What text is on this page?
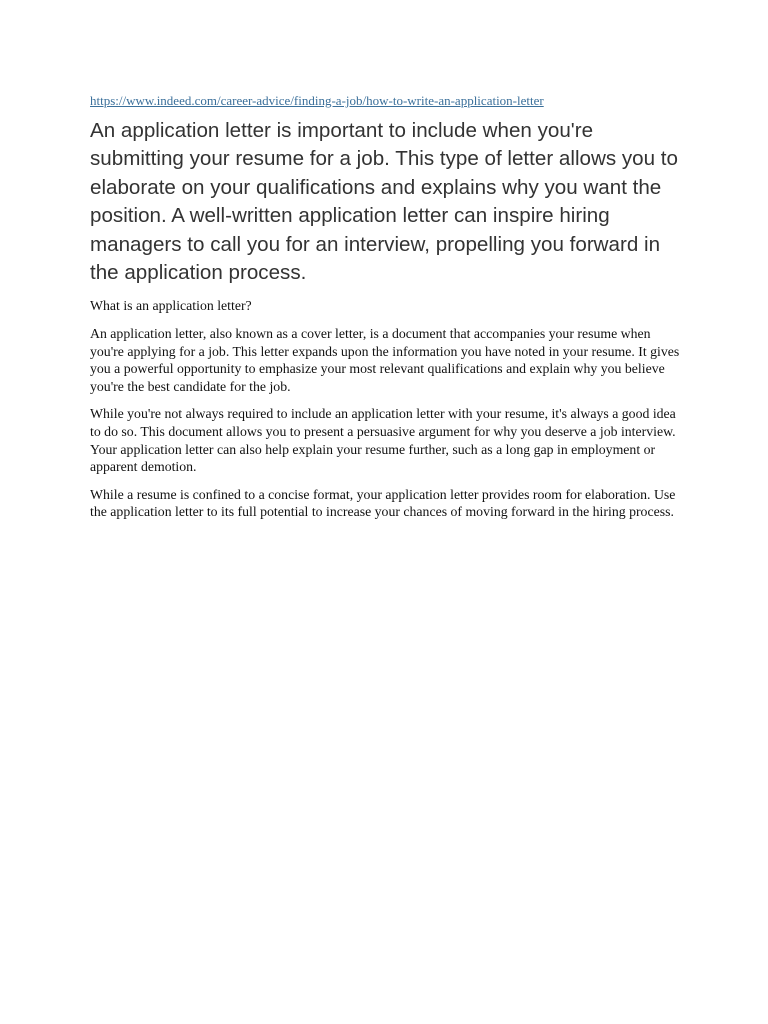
https://www.indeed.com/career-advice/finding-a-job/how-to-write-an-application-letter

An application letter is important to include when you're submitting your resume for a job. This type of letter allows you to elaborate on your qualifications and explains why you want the position. A well-written application letter can inspire hiring managers to call you for an interview, propelling you forward in the application process.

What is an application letter?

An application letter, also known as a cover letter, is a document that accompanies your resume when you're applying for a job. This letter expands upon the information you have noted in your resume. It gives you a powerful opportunity to emphasize your most relevant qualifications and explain why you believe you're the best candidate for the job.

While you're not always required to include an application letter with your resume, it's always a good idea to do so. This document allows you to present a persuasive argument for why you deserve a job interview. Your application letter can also help explain your resume further, such as a long gap in employment or apparent demotion.

While a resume is confined to a concise format, your application letter provides room for elaboration. Use the application letter to its full potential to increase your chances of moving forward in the hiring process.
